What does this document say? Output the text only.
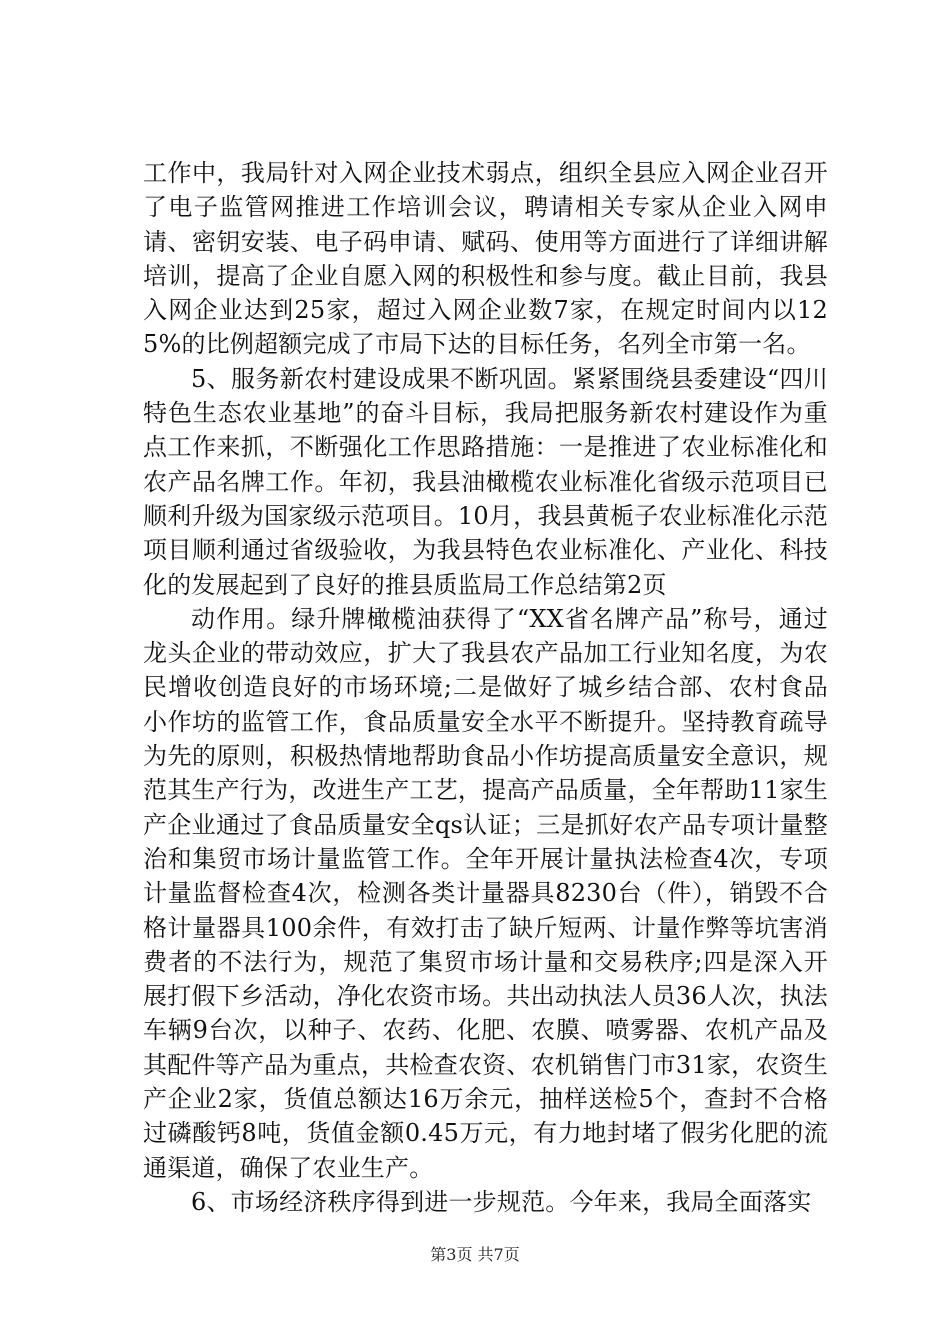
工作中，我局针对入网企业技术弱点，组织全县应入网企业召开了电子监管网推进工作培训会议，聘请相关专家从企业入网申请、密钥安装、电子码申请、赋码、使用等方面进行了详细讲解培训，提高了企业自愿入网的积极性和参与度。截止目前，我县入网企业达到25家，超过入网企业数7家，在规定时间内以125%的比例超额完成了市局下达的目标任务，名列全市第一名。

5、服务新农村建设成果不断巩固。紧紧围绕县委建设“四川特色生态农业基地”的奋斗目标，我局把服务新农村建设作为重点工作来抓，不断强化工作思路措施：一是推进了农业标准化和农产品名牌工作。年初，我县油橄榄农业标准化省级示范项目已顺利升级为国家级示范项目。10月，我县黄栀子农业标准化示范项目顺利通过省级验收，为我县特色农业标准化、产业化、科技化的发展起到了良好的推县质监局工作总结第2页

动作用。绿升牌橄榄油获得了“XX省名牌产品”称号，通过龙头企业的带动效应，扩大了我县农产品加工行业知名度，为农民增收创造良好的市场环境;二是做好了城乡结合部、农村食品小作坊的监管工作，食品质量安全水平不断提升。坚持教育疏导为先的原则，积极热情地帮助食品小作坊提高质量安全意识，规范其生产行为，改进生产工艺，提高产品质量，全年帮助11家生产企业通过了食品质量安全qs认证；三是抓好农产品专项计量整治和集贸市场计量监管工作。全年开展计量执法检查4次，专项计量监督检查4次，检测各类计量器具8230台（件），销毁不合格计量器具100余件，有效打击了缺斤短两、计量作弊等坑害消费者的不法行为，规范了集贸市场计量和交易秩序;四是深入开展打假下乡活动，净化农资市场。共出动执法人员36人次，执法车辆9台次，以种子、农药、化肥、农膜、喷雾器、农机产品及其配件等产品为重点，共检查农资、农机销售门市31家，农资生产企业2家，货值总额达16万余元，抽样送检5个，查封不合格过磷酸钙8吨，货值金额0.45万元，有力地封堵了假劣化肥的流通渠道，确保了农业生产。

6、市场经济秩序得到进一步规范。今年来，我局全面落实

第3页 共7页
